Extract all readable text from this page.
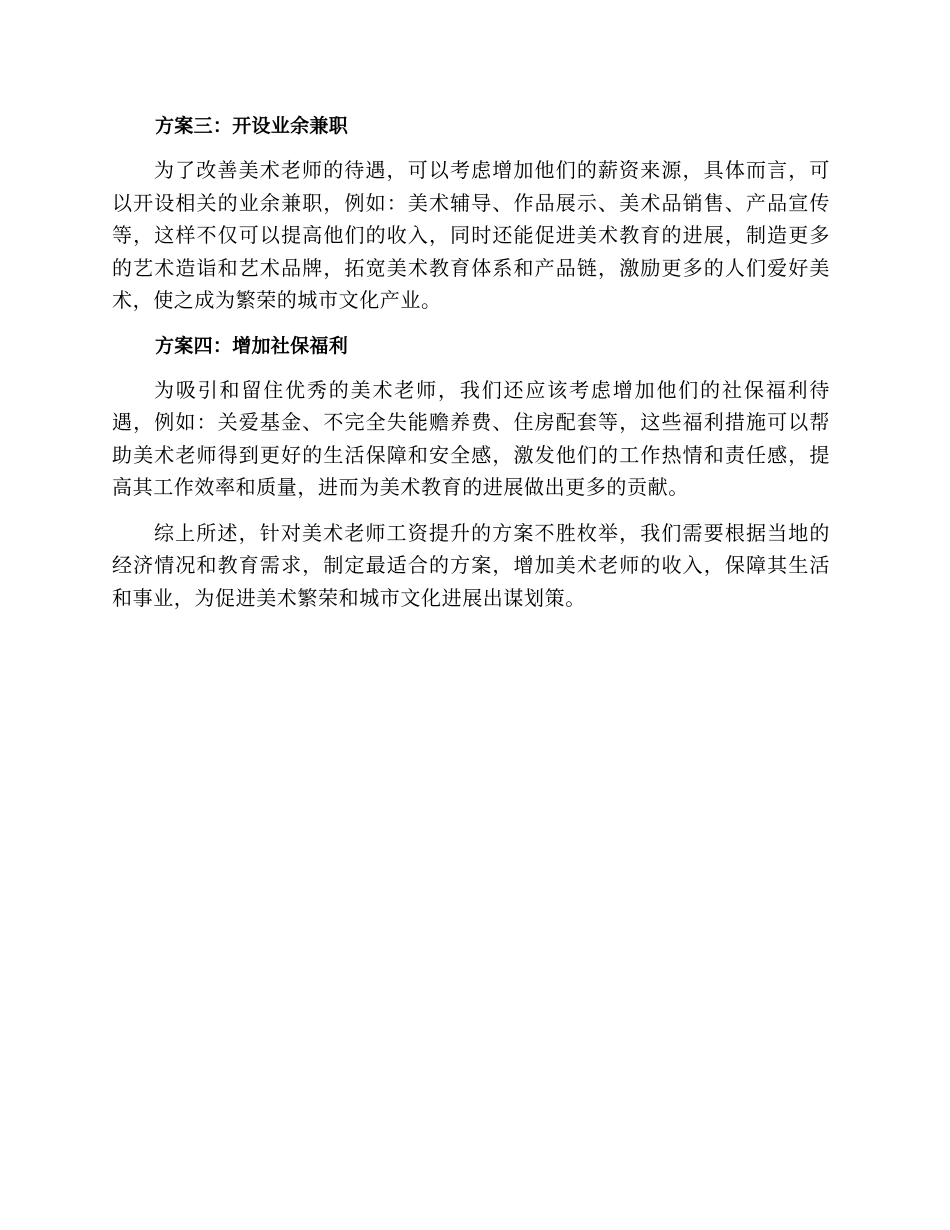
方案三：开设业余兼职

为了改善美术老师的待遇，可以考虑增加他们的薪资来源，具体而言，可以开设相关的业余兼职，例如：美术辅导、作品展示、美术品销售、产品宣传等，这样不仅可以提高他们的收入，同时还能促进美术教育的进展，制造更多的艺术造诣和艺术品牌，拓宽美术教育体系和产品链，激励更多的人们爱好美术，使之成为繁荣的城市文化产业。

方案四：增加社保福利

为吸引和留住优秀的美术老师，我们还应该考虑增加他们的社保福利待遇，例如：关爱基金、不完全失能赡养费、住房配套等，这些福利措施可以帮助美术老师得到更好的生活保障和安全感，激发他们的工作热情和责任感，提高其工作效率和质量，进而为美术教育的进展做出更多的贡献。

综上所述，针对美术老师工资提升的方案不胜枚举，我们需要根据当地的经济情况和教育需求，制定最适合的方案，增加美术老师的收入，保障其生活和事业，为促进美术繁荣和城市文化进展出谋划策。
